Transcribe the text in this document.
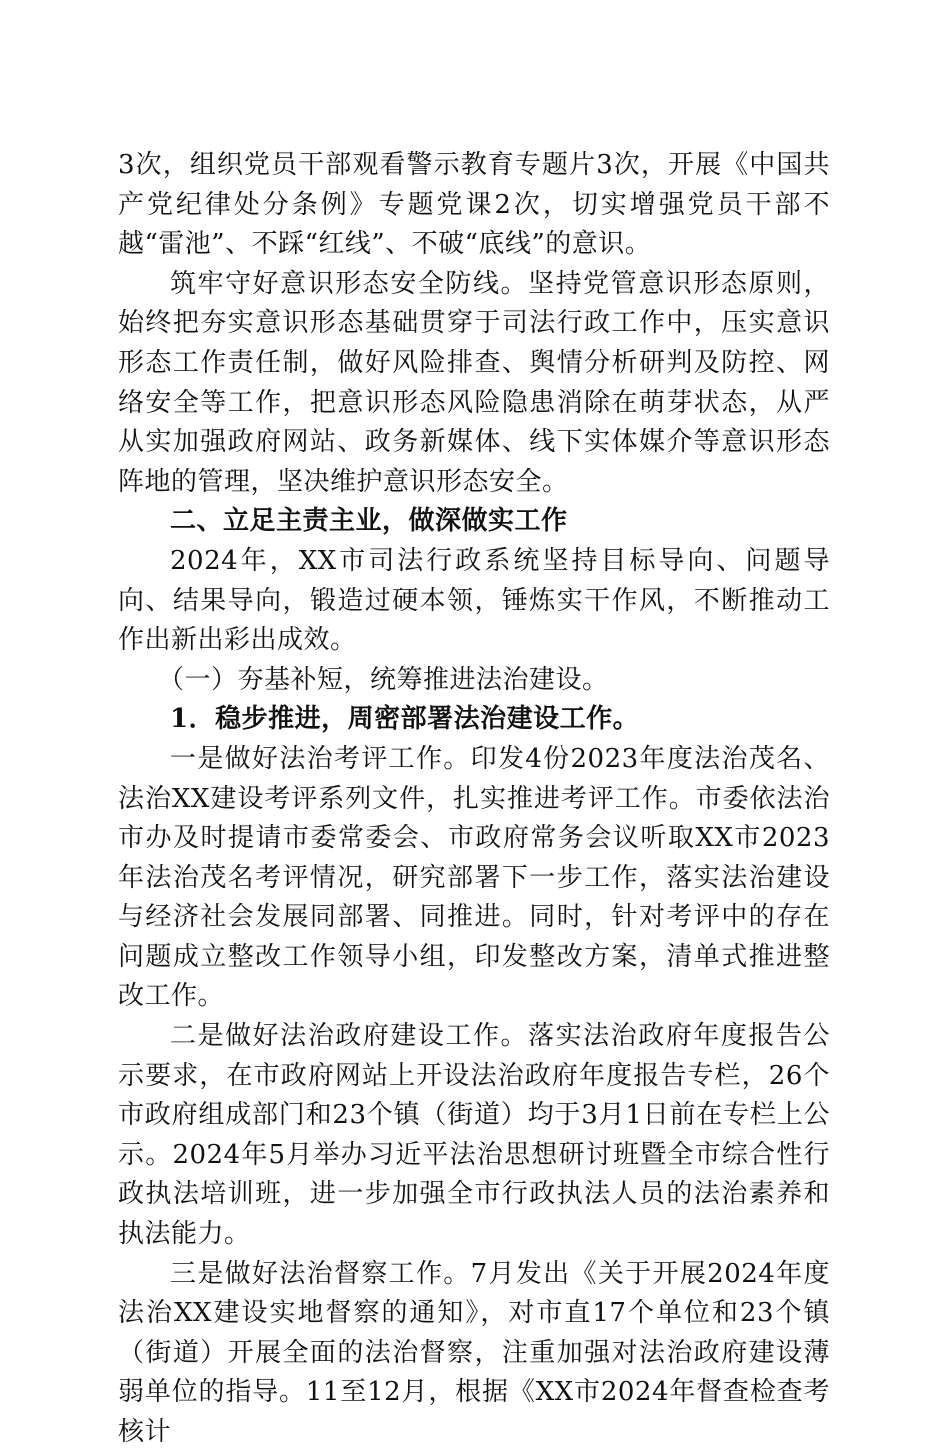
3次，组织党员干部观看警示教育专题片3次，开展《中国共产党纪律处分条例》专题党课2次，切实增强党员干部不越“雷池”、不踩“红线”、不破“底线”的意识。

筑牢守好意识形态安全防线。坚持党管意识形态原则，始终把夯实意识形态基础贯穿于司法行政工作中，压实意识形态工作责任制，做好风险排查、舆情分析研判及防控、网络安全等工作，把意识形态风险隐患消除在萌芽状态，从严从实加强政府网站、政务新媒体、线下实体媒介等意识形态阵地的管理，坚决维护意识形态安全。

二、立足主责主业，做深做实工作

2024年，XX市司法行政系统坚持目标导向、问题导向、结果导向，锻造过硬本领，锤炼实干作风，不断推动工作出新出彩出成效。

（一）夯基补短，统筹推进法治建设。

1．稳步推进，周密部署法治建设工作。

一是做好法治考评工作。印发4份2023年度法治茂名、法治XX建设考评系列文件，扎实推进考评工作。市委依法治市办及时提请市委常委会、市政府常务会议听取XX市2023年法治茂名考评情况，研究部署下一步工作，落实法治建设与经济社会发展同部署、同推进。同时，针对考评中的存在问题成立整改工作领导小组，印发整改方案，清单式推进整改工作。

二是做好法治政府建设工作。落实法治政府年度报告公示要求，在市政府网站上开设法治政府年度报告专栏，26个市政府组成部门和23个镇（街道）均于3月1日前在专栏上公示。2024年5月举办习近平法治思想研讨班暨全市综合性行政执法培训班，进一步加强全市行政执法人员的法治素养和执法能力。

三是做好法治督察工作。7月发出《关于开展2024年度法治XX建设实地督察的通知》，对市直17个单位和23个镇（街道）开展全面的法治督察，注重加强对法治政府建设薄弱单位的指导。11至12月，根据《XX市2024年督查检查考核计
